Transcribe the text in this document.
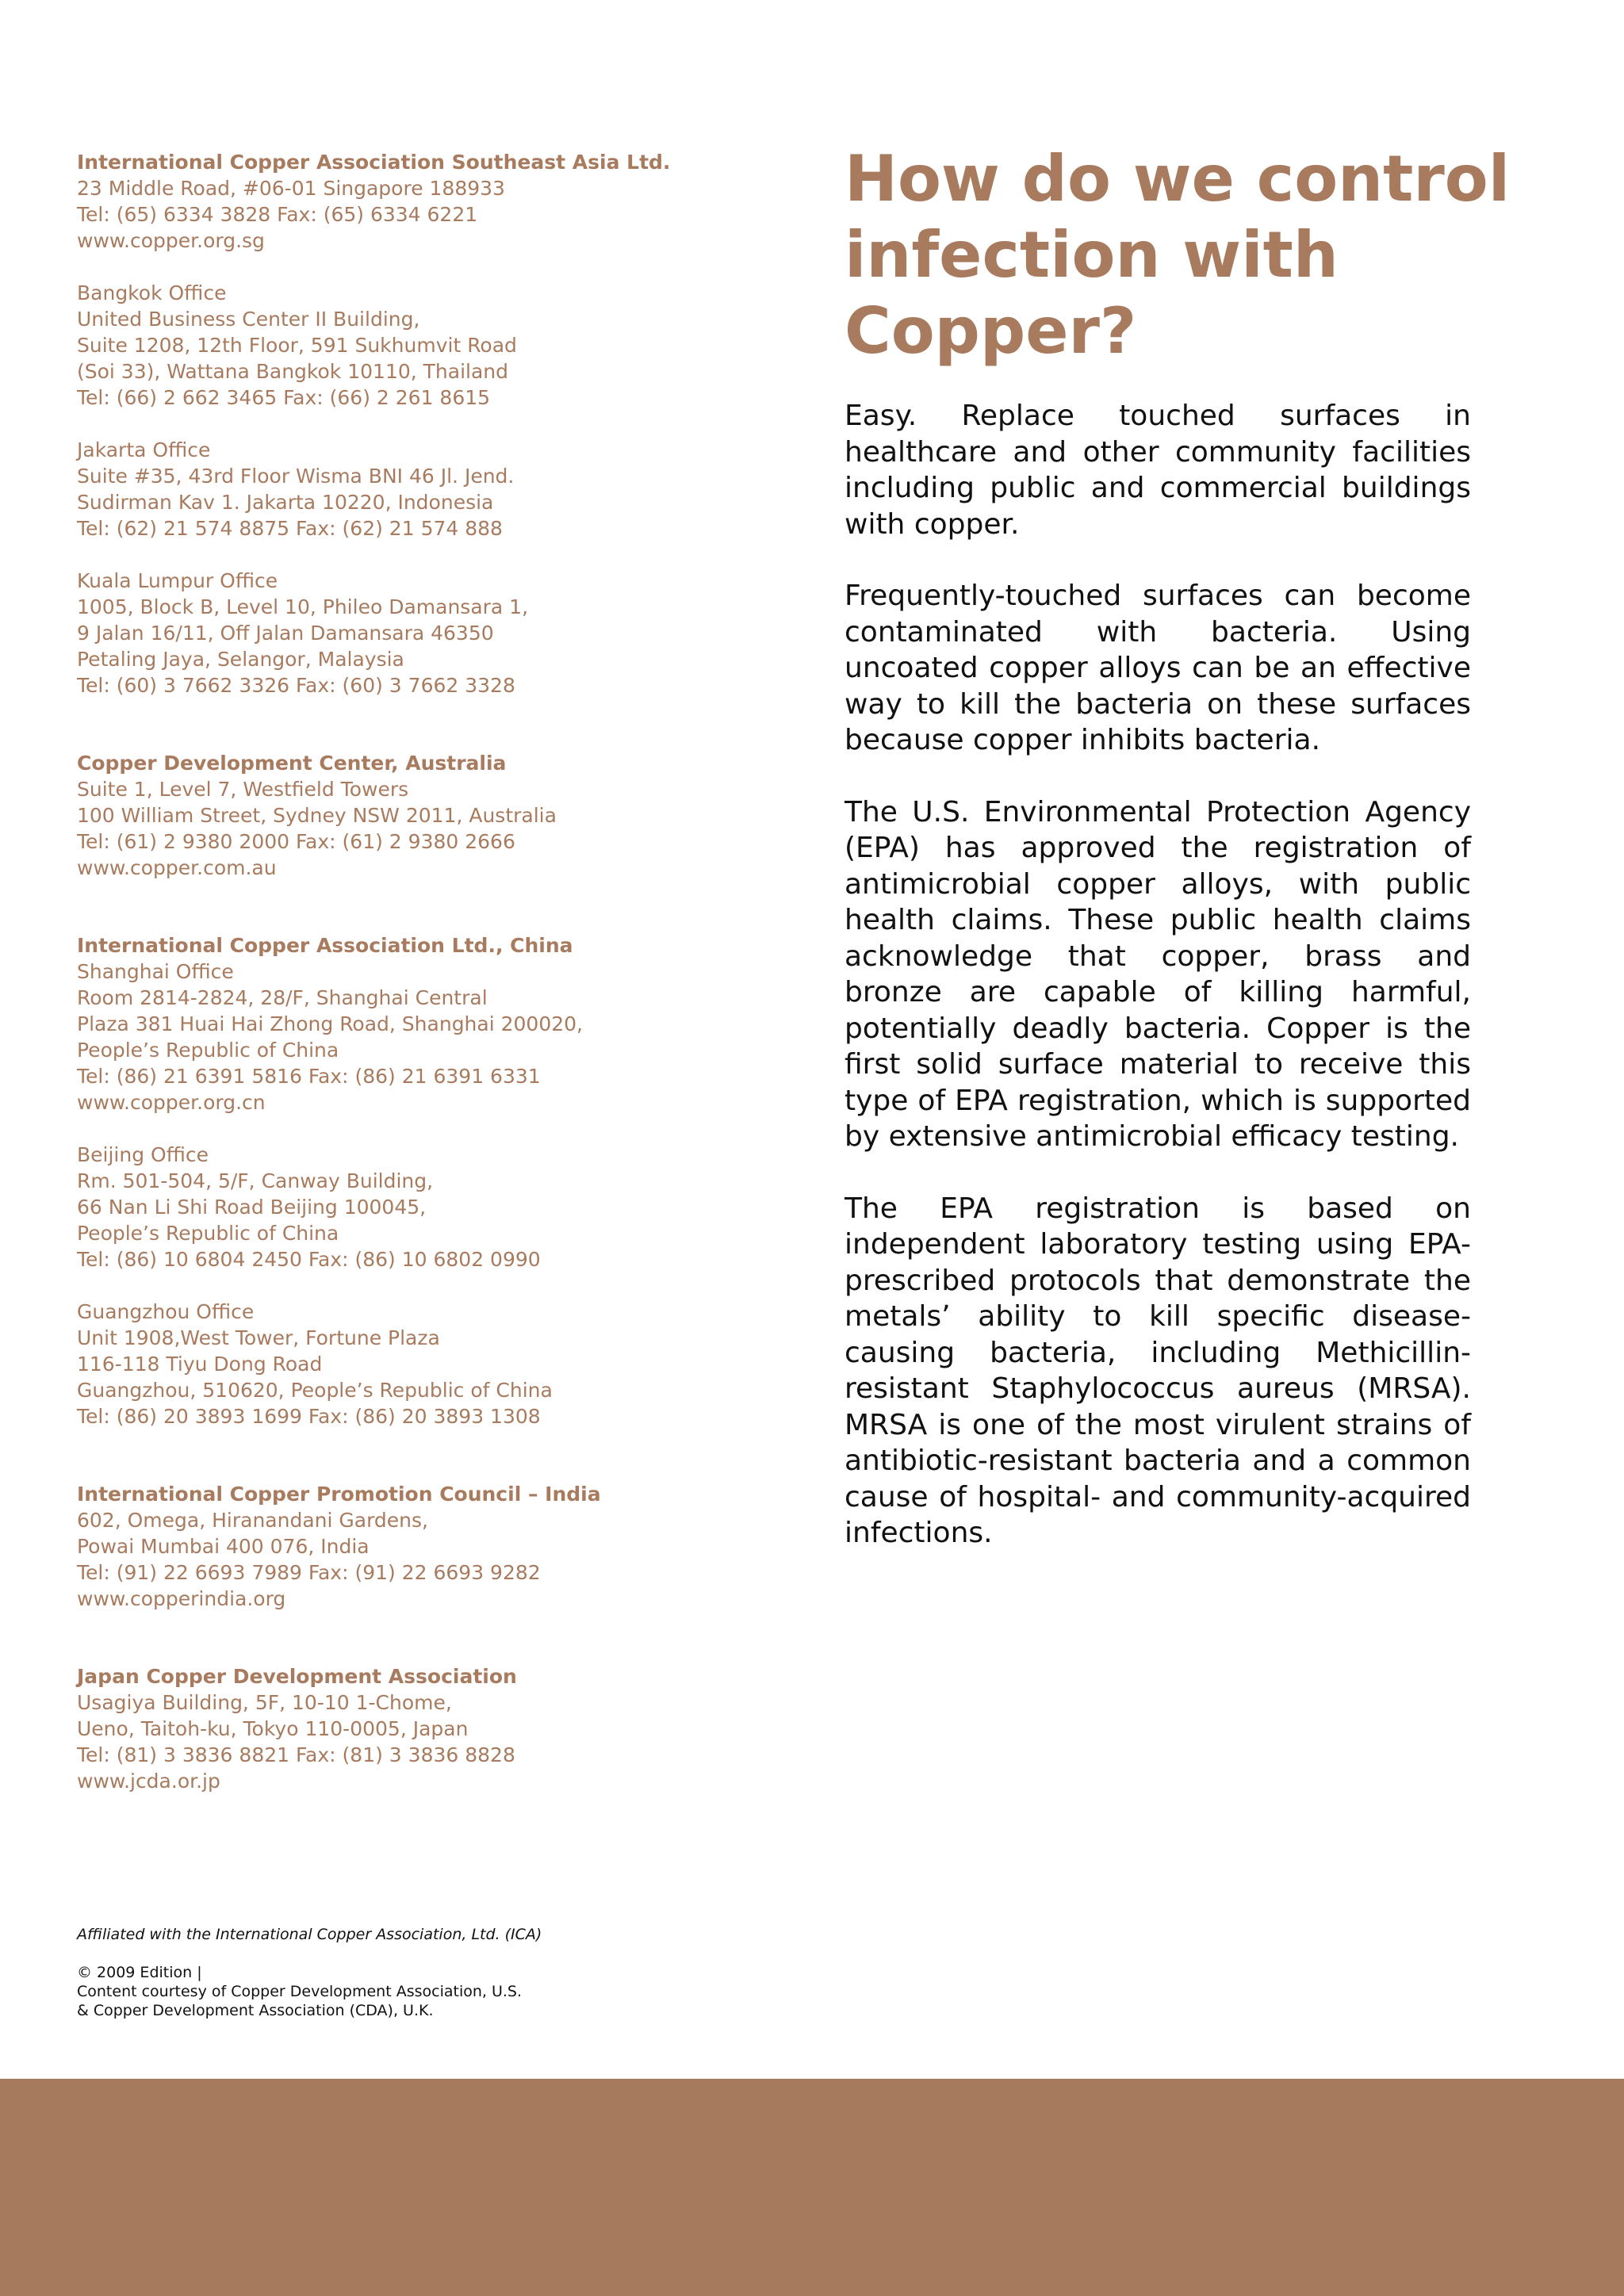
International Copper Association Southeast Asia Ltd.
23 Middle Road, #06-01 Singapore 188933
Tel: (65) 6334 3828 Fax: (65) 6334 6221
www.copper.org.sg
Bangkok Office
United Business Center II Building,
Suite 1208, 12th Floor, 591 Sukhumvit Road
(Soi 33), Wattana Bangkok 10110, Thailand
Tel: (66) 2 662 3465 Fax: (66) 2 261 8615
Jakarta Office
Suite #35, 43rd Floor Wisma BNI 46 Jl. Jend.
Sudirman Kav 1. Jakarta 10220, Indonesia
Tel: (62) 21 574 8875 Fax: (62) 21 574 888
Kuala Lumpur Office
1005, Block B, Level 10, Phileo Damansara 1,
9 Jalan 16/11, Off Jalan Damansara 46350
Petaling Jaya, Selangor, Malaysia
Tel: (60) 3 7662 3326 Fax: (60) 3 7662 3328
Copper Development Center, Australia
Suite 1, Level 7, Westfield Towers
100 William Street, Sydney NSW 2011, Australia
Tel: (61) 2 9380 2000 Fax: (61) 2 9380 2666
www.copper.com.au
International Copper Association Ltd., China
Shanghai Office
Room 2814-2824, 28/F, Shanghai Central
Plaza 381 Huai Hai Zhong Road, Shanghai 200020,
People’s Republic of China
Tel: (86) 21 6391 5816 Fax: (86) 21 6391 6331
www.copper.org.cn
Beijing Office
Rm. 501-504, 5/F, Canway Building,
66 Nan Li Shi Road Beijing 100045,
People’s Republic of China
Tel: (86) 10 6804 2450 Fax: (86) 10 6802 0990
Guangzhou Office
Unit 1908,West Tower, Fortune Plaza
116-118 Tiyu Dong Road
Guangzhou, 510620, People’s Republic of China
Tel: (86) 20 3893 1699 Fax: (86) 20 3893 1308
International Copper Promotion Council – India
602, Omega, Hiranandani Gardens,
Powai Mumbai 400 076, India
Tel: (91) 22 6693 7989 Fax: (91) 22 6693 9282
www.copperindia.org
Japan Copper Development Association
Usagiya Building, 5F, 10-10 1-Chome,
Ueno, Taitoh-ku, Tokyo 110-0005, Japan
Tel: (81) 3 3836 8821 Fax: (81) 3 3836 8828
www.jcda.or.jp
Affiliated with the International Copper Association, Ltd. (ICA)
© 2009 Edition |
Content courtesy of Copper Development Association, U.S.
& Copper Development Association (CDA), U.K.
How do we control
infection with
Copper?

Easy. Replace touched surfaces in healthcare and other community facilities including public and commercial buildings with copper.

Frequently-touched surfaces can become contaminated with bacteria. Using uncoated copper alloys can be an effective way to kill the bacteria on these surfaces because copper inhibits bacteria.

The U.S. Environmental Protection Agency (EPA) has approved the registration of antimicrobial copper alloys, with public health claims. These public health claims acknowledge that copper, brass and bronze are capable of killing harmful, potentially deadly bacteria. Copper is the first solid surface material to receive this type of EPA registration, which is supported by extensive antimicrobial efficacy testing.

The EPA registration is based on independent laboratory testing using EPA-prescribed protocols that demonstrate the metals’ ability to kill specific disease-causing bacteria, including Methicillin-resistant Staphylococcus aureus (MRSA). MRSA is one of the most virulent strains of antibiotic-resistant bacteria and a common cause of hospital- and community-acquired infections.
